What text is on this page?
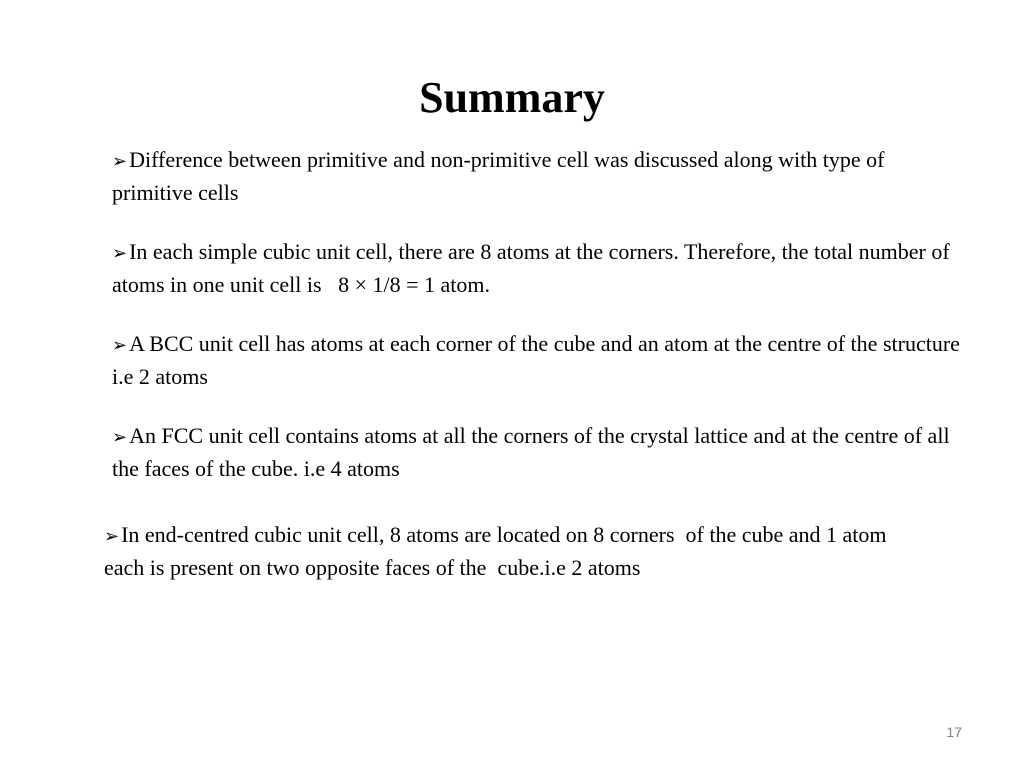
Summary

➢Difference between primitive and non-primitive cell was discussed along with type of primitive cells

➢In each simple cubic unit cell, there are 8 atoms at the corners. Therefore, the total number of atoms in one unit cell is   8 × 1/8 = 1 atom.

➢A BCC unit cell has atoms at each corner of the cube and an atom at the centre of the structure i.e 2 atoms

➢An FCC unit cell contains atoms at all the corners of the crystal lattice and at the centre of all the faces of the cube. i.e 4 atoms

➢In end-centred cubic unit cell, 8 atoms are located on 8 corners  of the cube and 1 atom each is present on two opposite faces of the  cube.i.e 2 atoms

17
